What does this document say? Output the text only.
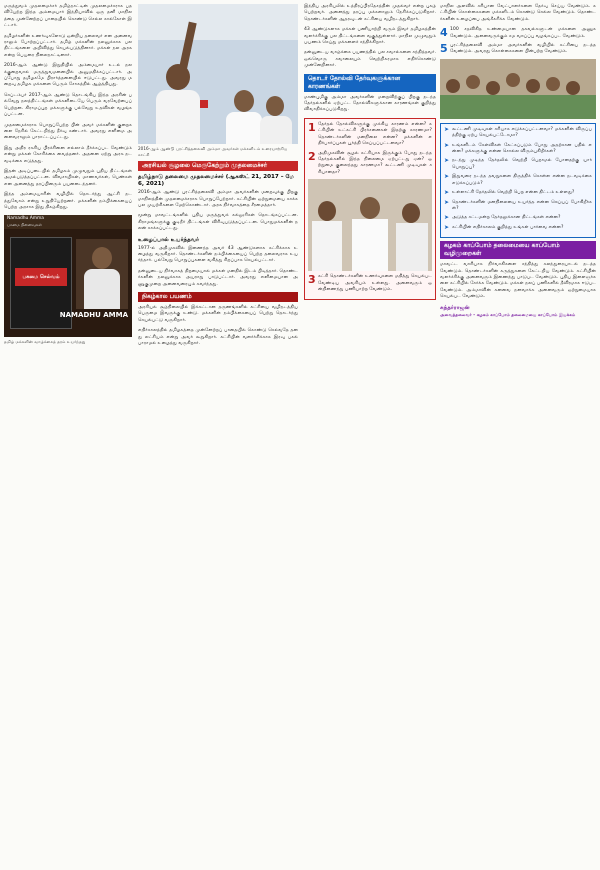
மருத்துவம் முதலமைச்சர் தமிழ்நாட்டின் முதலமைச்சராக பதவியேற்ற இந்த அம்மையார் இந்தியாவில் ஒரு தனி மாநிலத்தை முன்னேற்றப் பாதையில் கொண்டு செல்ல கால்கோள் இட்டார்.

தமிழர்களின் உணர்வுகளோடு ஒன்றிய தலைவர் என அனைவராலும் போற்றப்பட்டார். தமிழ் மக்களின் நலனுக்காக பல திட்டங்களை அறிவித்து செயல்படுத்தினார். மக்கள் நல அரசு என்ற பெயரை நிலைநாட்டினார்.

2016-ஆம் ஆண்டு இறுதியில் அம்மையார் உடல் நலக்குறைவால் மருத்துவமனையில் அனுமதிக்கப்பட்டார். அப்போது தமிழகமே பிரார்த்தனையில் ஈடுபட்டது. அவரது மறைவு தமிழக மக்களை பெரும் சோகத்தில் ஆழ்த்தியது.

செப்டம்பர் 2017-ஆம் ஆண்டு தொடங்கிய இந்த அரசின் பல்வேறு நலத்திட்டங்கள் மக்களிடையே பெரும் வரவேற்பைப் பெற்றன. கிராமப்புற மக்களுக்கு பல்வேறு உதவிகள் வழங்கப்பட்டன.

முதலமைச்சராக பொறுப்பேற்ற பின் அவர் மக்களின் குறைகளை நேரில் கேட்டறிந்து தீர்வு கண்டார். அவரது எளிமை அனைவராலும் பாராட்டப்பட்டது.

இது அதிர ரகசிய பிரச்சினை எல்லாம் தீர்க்கப்பட வேண்டும் என்று மக்கள் கோரிக்கை வைத்தனர். அதனை ஏற்று அரசு நடவடிக்கை எடுத்தது.

இதன் அடிப்படையில் தமிழகம் முழுவதும் புதிய திட்டங்கள் அமல்படுத்தப்பட்டன. விவசாயிகள், மாணவர்கள், பெண்கள் என அனைத்து தரப்பினரும் பயனடைந்தனர்.

இந்த அம்மையாரின் வழியில் தொடர்ந்து ஆட்சி நடத்துவோம் என்று உறுதியேற்றனர். மக்களின் நம்பிக்கையைப் பெற்ற அரசாக இது திகழ்கிறது.

Namadhu Amma
பசுமை நினைவுகள்
பசுமை செல்வம்
NAMADHU AMMA
தமிழ் மக்களின் வாழ்க்கைத் தரம் உயர்ந்தது
2016-ஆம் ஆண்டு புரட்சித்தலைவி அம்மா அவர்கள் மக்களிடம் உரையாற்றிய காட்சி
அரசியல் சூழலை மெருகேற்றும் முதலமைச்சர்
தமிழ்நாடு தலைமை முதலமைச்சர் (ஆகஸ்ட் 21, 2017 – மே 6, 2021)

2016-ஆம் ஆண்டு புரட்சித்தலைவி அம்மா அவர்களின் மறைவுக்கு பிறகு மாநிலத்தின் முதலமைச்சராக பொறுப்பேற்றார். கட்சியின் ஒற்றுமையை காக்க பல முயற்சிகளை மேற்கொண்டார். அரசு நிர்வாகத்தை சீரமைத்தார்.

மூன்று மாவட்டங்களில் புதிய மருத்துவக் கல்லூரிகள் தொடங்கப்பட்டன. கிராமங்களுக்கு குடிநீர் திட்டங்கள் விரிவுபடுத்தப்பட்டன. பொதுமக்களின் நலன் காக்கப்பட்டது.

உழைப்பால் உயர்ந்தவர்

1977-ல் அதிமுகவில் இணைந்த அவர் 43 ஆண்டுகளாக கட்சிக்காக உழைத்து வருகிறார். தொண்டர்களின் நம்பிக்கையைப் பெற்ற தலைவராக உயர்ந்தார். பல்வேறு பொறுப்புகளை வகித்து சிறப்பாக செயல்பட்டார்.

தன்னுடைய நிர்வாகத் திறமையால் மக்கள் மனதில் இடம் பிடித்தார். தொண்டர்களின் நலனுக்காக அயராது பாடுபட்டார். அவரது எளிமையான அணுகுமுறை அனைவரையும் கவர்ந்தது.

நிகழ்கால பயணம்

அரசியல் சூழ்நிலையில் இக்கட்டான தருணங்களில் கட்சியை வழிநடத்திய பெருமை இவருக்கு உண்டு. மக்களின் நம்பிக்கையைப் பெற்று தொடர்ந்து செயல்பட்டு வருகிறார்.

எதிர்காலத்தில் தமிழகத்தை முன்னேற்றப் பாதையில் கொண்டு செல்வதே தனது லட்சியம் என்று அவர் கூறுகிறார். கட்சியின் வளர்ச்சிக்காக இரவு பகல் பாராமல் உழைத்து வருகிறார்.

இந்திய அரசியலில் உத்திரப்பிரதேசத்தின் முதல்வர் என்ற புகழ் பெற்றவர். அனைத்து தரப்பு மக்களாலும் நேசிக்கப்படுகிறார். தொண்டர்களின் ஆதரவுடன் கட்சியை வழிநடத்துகிறார்.

43 ஆண்டுகளாக மக்கள் பணியாற்றி வரும் இவர் தமிழகத்தின் வளர்ச்சிக்கு பல திட்டங்களை வகுத்துள்ளார். மாநில முழுவதும் பயணம் செய்து மக்களைச் சந்திக்கிறார்.

தன்னுடைய வாழ்க்கை பயணத்தில் பல சவால்களை சந்தித்தவர். ஒவ்வொரு சவாலையும் வெற்றிகரமாக எதிர்கொண்டு முன்னேறினார்.

தொடர் தோல்வி தேர்வுகளுக்கான காரணங்கள்

மாண்புமிகு அம்மா அவர்களின் மறைவிற்குப் பிறகு நடந்த தேர்தல்களில் ஏற்பட்ட தோல்விகளுக்கான காரணங்கள் குறித்து விவாதிக்கப்படுகிறது.

1 தேர்தல் தோல்விகளுக்கு முக்கிய காரணம் என்ன? கட்சியின் உட்கட்சி பிரச்சனைகள் இதற்கு காரணமா? தொண்டர்களின் மனநிலை என்ன? மக்களின் எதிர்பார்ப்புகள் பூர்த்தி செய்யப்பட்டனவா?

2 அதிமுகவின் சூழல் கட்சியாக இருக்கும் போது நடந்த தேர்தல்களில் இந்த நிலைமை ஏற்பட்டது ஏன்? ஒற்றுமை குலைந்தது காரணமா? கூட்டணி முடிவுகள் சரியானதா?

3 கட்சி தொண்டர்களின் உணர்வுகளை மதித்து செயல்பட வேண்டிய அவசியம் உள்ளது. அனைவரும் ஒன்றிணைந்து பணியாற்ற வேண்டும்.

மாநில அளவில் சரியான வேட்பாளர்களை தேர்வு செய்ய வேண்டும். கட்சியின் கொள்கைகளை மக்களிடம் கொண்டு செல்ல வேண்டும். தொண்டர்களின் உழைப்பை அங்கீகரிக்க வேண்டும்.

4 100 சதவிகித உண்மையான தகவல்களுடன் மக்களை அணுக வேண்டும். அனைவருக்கும் சம வாய்ப்பு வழங்கப்பட வேண்டும்.

5 புரட்சித்தலைவி அம்மா அவர்களின் வழியில் கட்சியை நடத்த வேண்டும். அவரது கொள்கைகளை பின்பற்ற வேண்டும்.

➤ கூட்டணி முடிவுகள் சரியாக எடுக்கப்பட்டனவா? மக்களின் விருப்பத்திற்கு ஏற்ப செயல்பட்டோமா?

➤ உங்களிடம் கேள்விகள் கேட்கப்படும் போது அதற்கான பதில் என்ன? மக்களுக்கு என்ன சொல்ல விரும்புகிறீர்கள்?

➤ நடந்து முடிந்த தேர்தலில் வெற்றி பெறாமல் போனதற்கு யார் பொறுப்பு?

➤ இதுவரை நடந்த தவறுகளை திருத்திக் கொள்ள என்ன நடவடிக்கை எடுக்கப்படும்?

➤ உள்ளாட்சி தேர்தலில் வெற்றி பெற என்ன திட்டம் உள்ளது?

➤ தொண்டர்களின் மனநிலையை உயர்த்த என்ன செய்யப் போகிறீர்கள்?

➤ அடுத்த சட்டமன்ற தேர்தலுக்கான திட்டங்கள் என்ன?

➤ கட்சியின் எதிர்காலம் குறித்து உங்கள் பார்வை என்ன?

கழகம் காப்போம் தலைமையை காப்போம் வழிமுறைகள்

மாவட்ட வாரியாக நிர்வாகிகளை சந்தித்து கலந்துரையாடல் நடத்த வேண்டும். தொண்டர்களின் கருத்துகளை கேட்டறிய வேண்டும். கட்சியின் வளர்ச்சிக்கு அனைவரும் இணைந்து பாடுபட வேண்டும். புதிய இளைஞர்களை கட்சியில் சேர்க்க வேண்டும். மக்கள் நலப் பணிகளில் தீவிரமாக ஈடுபட வேண்டும். அம்மாவின் கனவை நனவாக்க அனைவரும் ஒற்றுமையாக செயல்பட வேண்டும்.

சுந்தர்ராஜன்
அவைத்தலைவர் – கழகம் காப்போம் தலைமையை காப்போம் இயக்கம்
